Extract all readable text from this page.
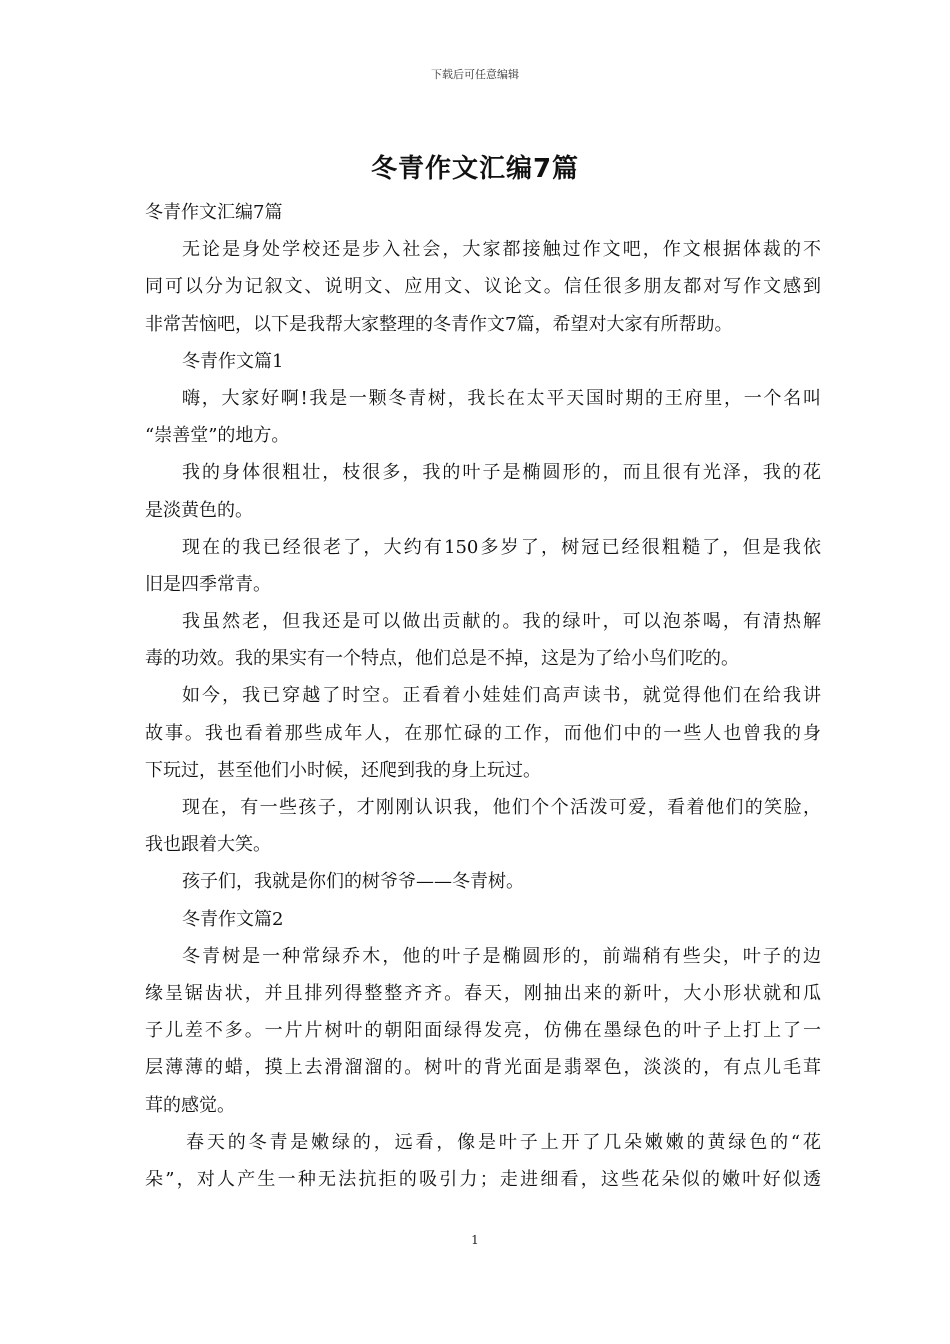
下载后可任意编辑
冬青作文汇编7篇
冬青作文汇编7篇
无论是身处学校还是步入社会，大家都接触过作文吧，作文根据体裁的不
同可以分为记叙文、说明文、应用文、议论文。信任很多朋友都对写作文感到
非常苦恼吧，以下是我帮大家整理的冬青作文7篇，希望对大家有所帮助。
冬青作文篇1
嗨，大家好啊!我是一颗冬青树，我长在太平天国时期的王府里，一个名叫
“崇善堂”的地方。
我的身体很粗壮，枝很多，我的叶子是椭圆形的，而且很有光泽，我的花
是淡黄色的。
现在的我已经很老了，大约有150多岁了，树冠已经很粗糙了，但是我依
旧是四季常青。
我虽然老，但我还是可以做出贡献的。我的绿叶，可以泡茶喝，有清热解
毒的功效。我的果实有一个特点，他们总是不掉，这是为了给小鸟们吃的。
如今，我已穿越了时空。正看着小娃娃们高声读书，就觉得他们在给我讲
故事。我也看着那些成年人，在那忙碌的工作，而他们中的一些人也曾我的身
下玩过，甚至他们小时候，还爬到我的身上玩过。
现在，有一些孩子，才刚刚认识我，他们个个活泼可爱，看着他们的笑脸，
我也跟着大笑。
孩子们，我就是你们的树爷爷——冬青树。
冬青作文篇2
冬青树是一种常绿乔木，他的叶子是椭圆形的，前端稍有些尖，叶子的边
缘呈锯齿状，并且排列得整整齐齐。春天，刚抽出来的新叶，大小形状就和瓜
子儿差不多。一片片树叶的朝阳面绿得发亮，仿佛在墨绿色的叶子上打上了一
层薄薄的蜡，摸上去滑溜溜的。树叶的背光面是翡翠色，淡淡的，有点儿毛茸
茸的感觉。
春天的冬青是嫩绿的，远看，像是叶子上开了几朵嫩嫩的黄绿色的“花
朵”，对人产生一种无法抗拒的吸引力；走进细看，这些花朵似的嫩叶好似透
1
